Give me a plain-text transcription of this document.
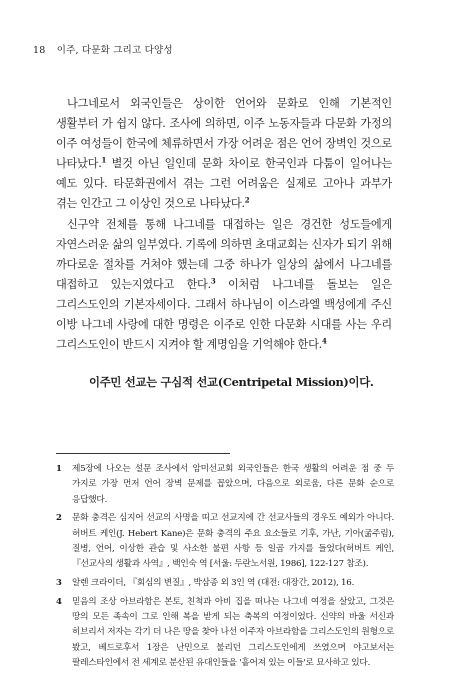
18 이주, 다문화 그리고 다양성

나그네로서 외국인들은 상이한 언어와 문화로 인해 기본적인 생활부터 가 쉽지 않다. 조사에 의하면, 이주 노동자들과 다문화 가정의 이주 여성들이 한국에 체류하면서 가장 어려운 점은 언어 장벽인 것으로 나타났다.$^1$ 별것 아닌 일인데 문화 차이로 한국인과 다툼이 일어나는 예도 있다. 타문화권에서 겪는 그런 어려움은 실제로 고아나 과부가 겪는 인간고 그 이상인 것으로 나타났다.$^2$

신구약 전체를 통해 나그네를 대접하는 일은 경건한 성도들에게 자연스러운 삶의 일부였다. 기록에 의하면 초대교회는 신자가 되기 위해 까다로운 절차를 거쳐야 했는데 그중 하나가 일상의 삶에서 나그네를 대접하고 있는지였다고 한다.$^3$ 이처럼 나그네를 돌보는 일은 그리스도인의 기본자세이다. 그래서 하나님이 이스라엘 백성에게 주신 이방 나그네 사랑에 대한 명령은 이주로 인한 다문화 시대를 사는 우리 그리스도인이 반드시 지켜야 할 계명임을 기억해야 한다.$^4$

이주민 선교는 구심적 선교(Centripetal Mission)이다.
1 제5장에 나오는 설문 조사에서 암미선교회 외국인들은 한국 생활의 어려운 점 중 두 가지로 가장 먼저 언어 장벽 문제를 꼽았으며, 다음으로 외로움, 다른 문화 순으로 응답했다.
2 문화 충격은 심지어 선교의 사명을 띠고 선교지에 간 선교사들의 경우도 예외가 아니다. 허버트 케인(J. Hebert Kane)은 문화 충격의 주요 요소들로 기후, 가난, 기아(굶주림), 질병, 언어, 이상한 관습 및 사소한 불편 사항 등 일곱 가지를 들었다(허버트 케인, 『선교사의 생활과 사역』, 백인숙 역 [서울: 두란노서원, 1986], 122-127 참조).
3 알렌 크라이더, 『회심의 변질』, 박삼종 외 3인 역 (대전: 대장간, 2012), 16.
4 믿음의 조상 아브라함은 본토, 친척과 아비 집을 떠나는 나그네 여정을 살았고, 그것은 땅의 모든 족속이 그로 인해 복을 받게 되는 축복의 여정이었다. 신약의 바울 서신과 히브리서 저자는 각기 더 나은 땅을 찾아 나선 이주자 아브라함을 그리스도인의 원형으로 봤고, 베드로후서 1장은 난민으로 불리던 그리스도인에게 쓰였으며 야고보서는 팔레스타인에서 전 세계로 분산된 유대인들을 '흩어져 있는 이들'로 묘사하고 있다.
